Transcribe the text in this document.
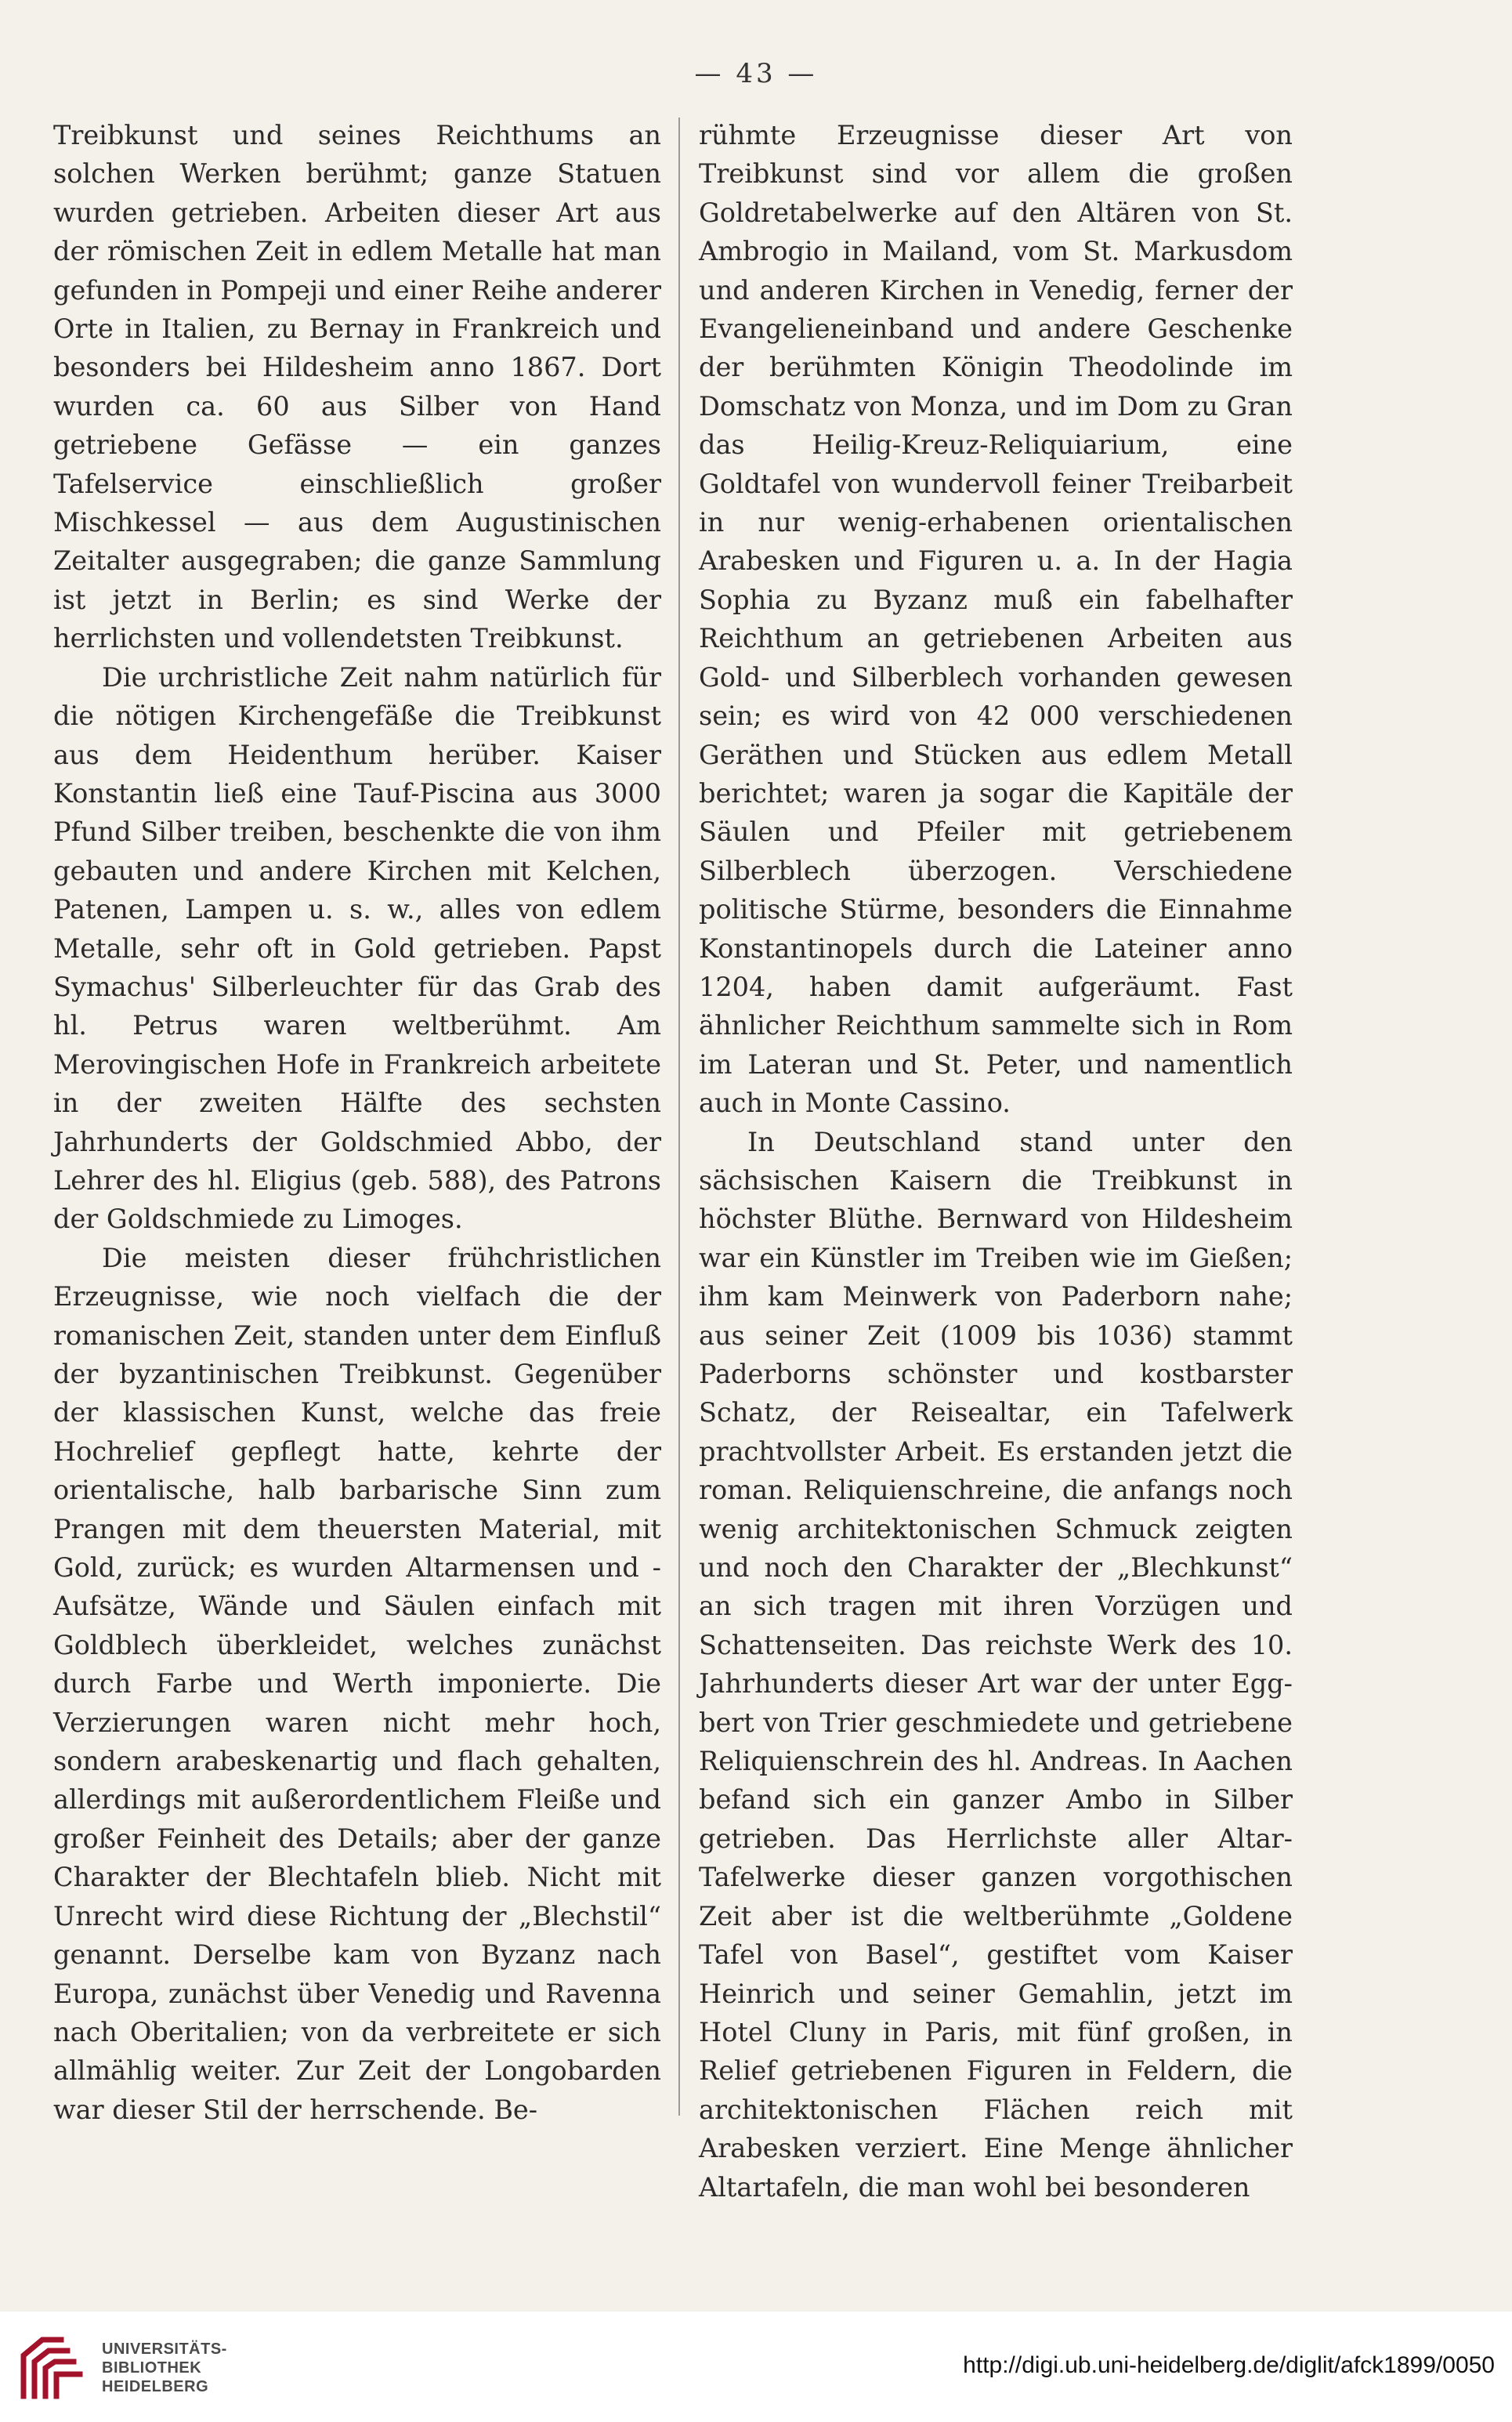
— 43 —

Treibkunst und seines Reichthums an solchen Werken berühmt; ganze Statuen wurden getrieben. Arbeiten dieser Art aus der römischen Zeit in edlem Metalle hat man gefunden in Pompeji und einer Reihe anderer Orte in Italien, zu Bernay in Frankreich und besonders bei Hildesheim anno 1867. Dort wurden ca. 60 aus Silber von Hand getriebene Gefässe — ein ganzes Tafelservice einschließlich großer Mischkessel — aus dem Augustinischen Zeitalter ausgegraben; die ganze Sammlung ist jetzt in Berlin; es sind Werke der herrlichsten und vollendetsten Treibkunst.

Die urchristliche Zeit nahm natürlich für die nötigen Kirchengefäße die Treibkunst aus dem Heidenthum herüber. Kaiser Konstantin ließ eine Tauf-Piscina aus 3000 Pfund Silber treiben, beschenkte die von ihm gebauten und andere Kirchen mit Kelchen, Patenen, Lampen u. s. w., alles von edlem Metalle, sehr oft in Gold getrieben. Papst Symachus' Silberleuchter für das Grab des hl. Petrus waren weltberühmt. Am Merovingischen Hofe in Frankreich arbeitete in der zweiten Hälfte des sechsten Jahrhunderts der Goldschmied Abbo, der Lehrer des hl. Eligius (geb. 588), des Patrons der Goldschmiede zu Limoges.

Die meisten dieser frühchristlichen Erzeugnisse, wie noch vielfach die der romanischen Zeit, standen unter dem Einfluß der byzantinischen Treibkunst. Gegenüber der klassischen Kunst, welche das freie Hochrelief gepflegt hatte, kehrte der orientalische, halb barbarische Sinn zum Prangen mit dem theuersten Material, mit Gold, zurück; es wurden Altarmensen und -Aufsätze, Wände und Säulen einfach mit Goldblech überkleidet, welches zunächst durch Farbe und Werth imponierte. Die Verzierungen waren nicht mehr hoch, sondern arabeskenartig und flach gehalten, allerdings mit außerordentlichem Fleiße und großer Feinheit des Details; aber der ganze Charakter der Blechtafeln blieb. Nicht mit Unrecht wird diese Richtung der „Blechstil“ genannt. Derselbe kam von Byzanz nach Europa, zunächst über Venedig und Ravenna nach Oberitalien; von da verbreitete er sich allmählig weiter. Zur Zeit der Longobarden war dieser Stil der herrschende. Be-

rühmte Erzeugnisse dieser Art von Treibkunst sind vor allem die großen Goldretabelwerke auf den Altären von St. Ambrogio in Mailand, vom St. Markusdom und anderen Kirchen in Venedig, ferner der Evangelieneinband und andere Geschenke der berühmten Königin Theodolinde im Domschatz von Monza, und im Dom zu Gran das Heilig-Kreuz-Reliquiarium, eine Goldtafel von wundervoll feiner Treibarbeit in nur wenig-erhabenen orientalischen Arabesken und Figuren u. a. In der Hagia Sophia zu Byzanz muß ein fabelhafter Reichthum an getriebenen Arbeiten aus Gold- und Silberblech vorhanden gewesen sein; es wird von 42 000 verschiedenen Geräthen und Stücken aus edlem Metall berichtet; waren ja sogar die Kapitäle der Säulen und Pfeiler mit getriebenem Silberblech überzogen. Verschiedene politische Stürme, besonders die Einnahme Konstantinopels durch die Lateiner anno 1204, haben damit aufgeräumt. Fast ähnlicher Reichthum sammelte sich in Rom im Lateran und St. Peter, und namentlich auch in Monte Cassino.

In Deutschland stand unter den sächsischen Kaisern die Treibkunst in höchster Blüthe. Bernward von Hildesheim war ein Künstler im Treiben wie im Gießen; ihm kam Meinwerk von Paderborn nahe; aus seiner Zeit (1009 bis 1036) stammt Paderborns schönster und kostbarster Schatz, der Reisealtar, ein Tafelwerk prachtvollster Arbeit. Es erstanden jetzt die roman. Reliquienschreine, die anfangs noch wenig architektonischen Schmuck zeigten und noch den Charakter der „Blechkunst“ an sich tragen mit ihren Vorzügen und Schattenseiten. Das reichste Werk des 10. Jahrhunderts dieser Art war der unter Egg-bert von Trier geschmiedete und getriebene Reliquienschrein des hl. Andreas. In Aachen befand sich ein ganzer Ambo in Silber getrieben. Das Herrlichste aller Altar-Tafelwerke dieser ganzen vorgothischen Zeit aber ist die weltberühmte „Goldene Tafel von Basel“, gestiftet vom Kaiser Heinrich und seiner Gemahlin, jetzt im Hotel Cluny in Paris, mit fünf großen, in Relief getriebenen Figuren in Feldern, die architektonischen Flächen reich mit Arabesken verziert. Eine Menge ähnlicher Altartafeln, die man wohl bei besonderen

UNIVERSITÄTS-
BIBLIOTHEK
HEIDELBERG
http://digi.ub.uni-heidelberg.de/diglit/afck1899/0050
